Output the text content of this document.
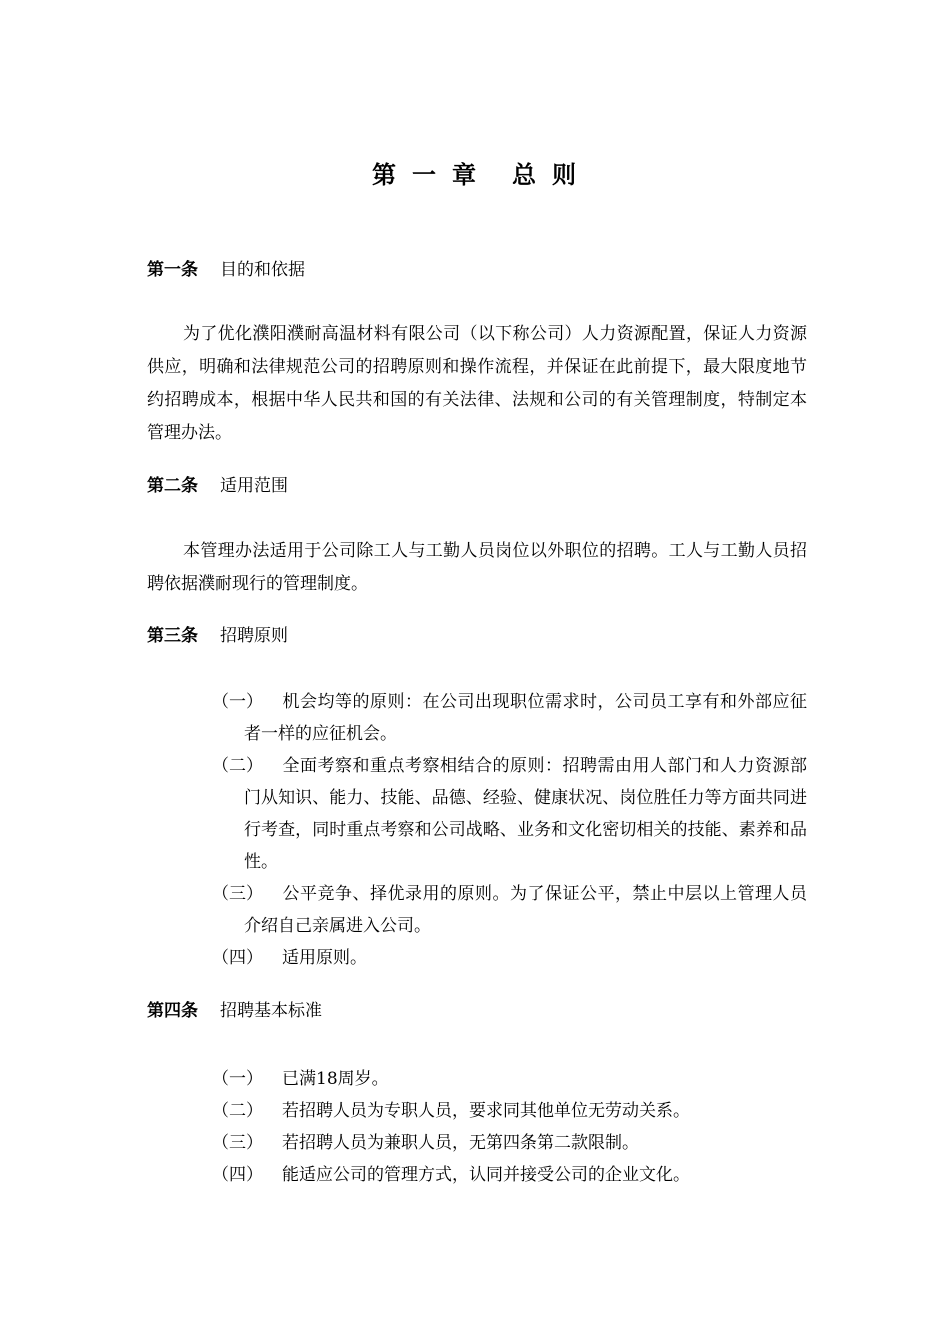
第 一 章 总 则

第一条 目的和依据

为了优化濮阳濮耐高温材料有限公司（以下称公司）人力资源配置，保证人力资源供应，明确和法律规范公司的招聘原则和操作流程，并保证在此前提下，最大限度地节约招聘成本，根据中华人民共和国的有关法律、法规和公司的有关管理制度，特制定本管理办法。

第二条 适用范围

本管理办法适用于公司除工人与工勤人员岗位以外职位的招聘。工人与工勤人员招聘依据濮耐现行的管理制度。

第三条 招聘原则

（一） 机会均等的原则：在公司出现职位需求时，公司员工享有和外部应征者一样的应征机会。
（二） 全面考察和重点考察相结合的原则：招聘需由用人部门和人力资源部门从知识、能力、技能、品德、经验、健康状况、岗位胜任力等方面共同进行考查，同时重点考察和公司战略、业务和文化密切相关的技能、素养和品性。
（三） 公平竞争、择优录用的原则。为了保证公平，禁止中层以上管理人员介绍自己亲属进入公司。
（四） 适用原则。

第四条 招聘基本标准

（一） 已满18周岁。
（二） 若招聘人员为专职人员，要求同其他单位无劳动关系。
（三） 若招聘人员为兼职人员，无第四条第二款限制。
（四） 能适应公司的管理方式，认同并接受公司的企业文化。
